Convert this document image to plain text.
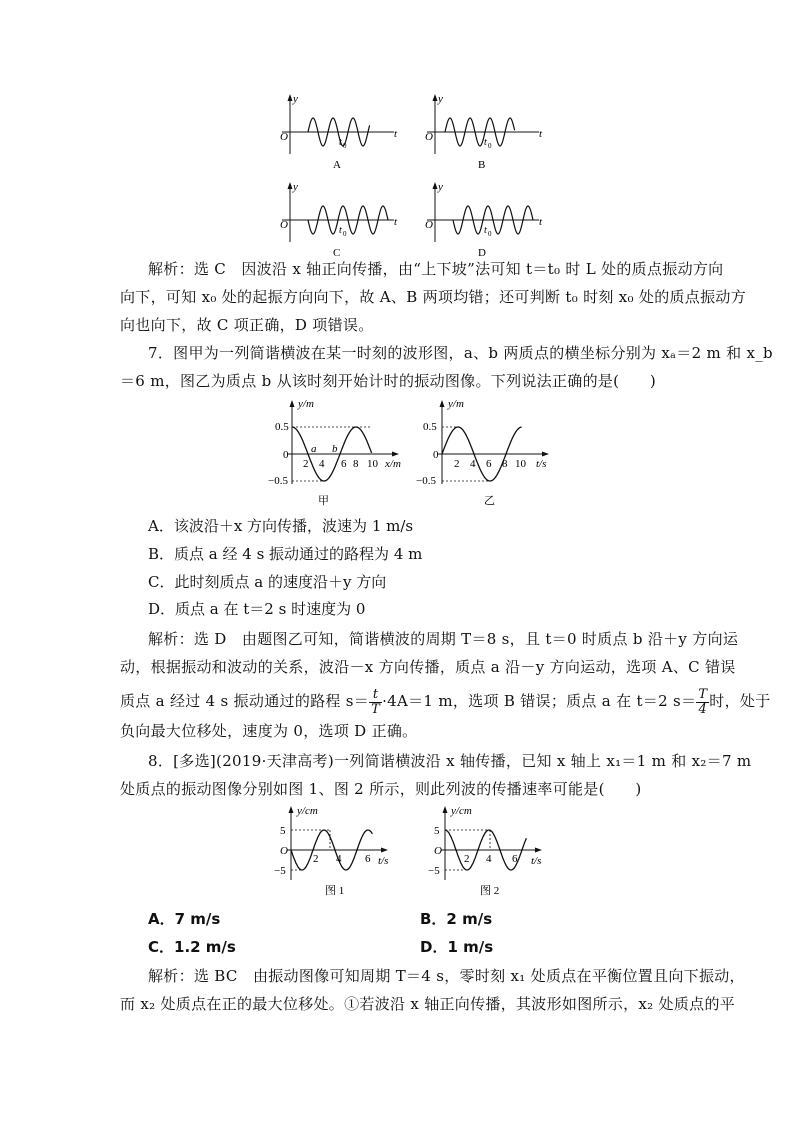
y
t
O	t 0
A
y
t
O	t 0
B
y
t
O	t 0
C
y
t
O	t 0
D
解析：选 C　因波沿 x 轴正向传播，由“上下坡”法可知 t＝t₀ 时 L 处的质点振动方向
向下，可知 x₀ 处的起振方向向下，故 A、B 两项均错；还可判断 t₀ 时刻 x₀ 处的质点振动方
向也向下，故 C 项正确，D 项错误。
7．图甲为一列简谐横波在某一时刻的波形图，a、b 两质点的横坐标分别为 xₐ＝2 m 和 x_b
＝6 m，图乙为质点 b 从该时刻开始计时的振动图像。下列说法正确的是(　　)
y/m
x/m
0.5
−0.5
0
2 4 6 8 10
a b
甲
y/m
t/s
0.5
−0.5
0
2 4 6 8 10
乙
A．该波沿＋x 方向传播，波速为 1 m/s
B．质点 a 经 4 s 振动通过的路程为 4 m
C．此时刻质点 a 的速度沿＋y 方向
D．质点 a 在 t＝2 s 时速度为 0
解析：选 D　由题图乙可知，简谐横波的周期 T＝8 s，且 t＝0 时质点 b 沿＋y 方向运
动，根据振动和波动的关系，波沿－x 方向传播，质点 a 沿－y 方向运动，选项 A、C 错误
质点 a 经过 4 s 振动通过的路程 $s= \frac{t}{T} \cdot 4A=1$ m，选项 B 错误；质点 a 在 t＝2 $s= \frac{T}{4}$ 时，处于
负向最大位移处，速度为 0，选项 D 正确。
8．[多选](2019·天津高考)一列简谐横波沿 x 轴传播，已知 x 轴上 x₁＝1 m 和 x₂＝7 m
处质点的振动图像分别如图 1、图 2 所示，则此列波的传播速率可能是(　　)
y/cm
t/s
5
−5
O
2 4 6
图 1
y/cm
t/s
5
−5
O
2 4 6
图 2
A．7 m/s	B．2 m/s
C．1.2 m/s	D．1 m/s
解析：选 BC　由振动图像可知周期 T＝4 s，零时刻 x₁ 处质点在平衡位置且向下振动，
而 x₂ 处质点在正的最大位移处。①若波沿 x 轴正向传播，其波形如图所示，x₂ 处质点的平
